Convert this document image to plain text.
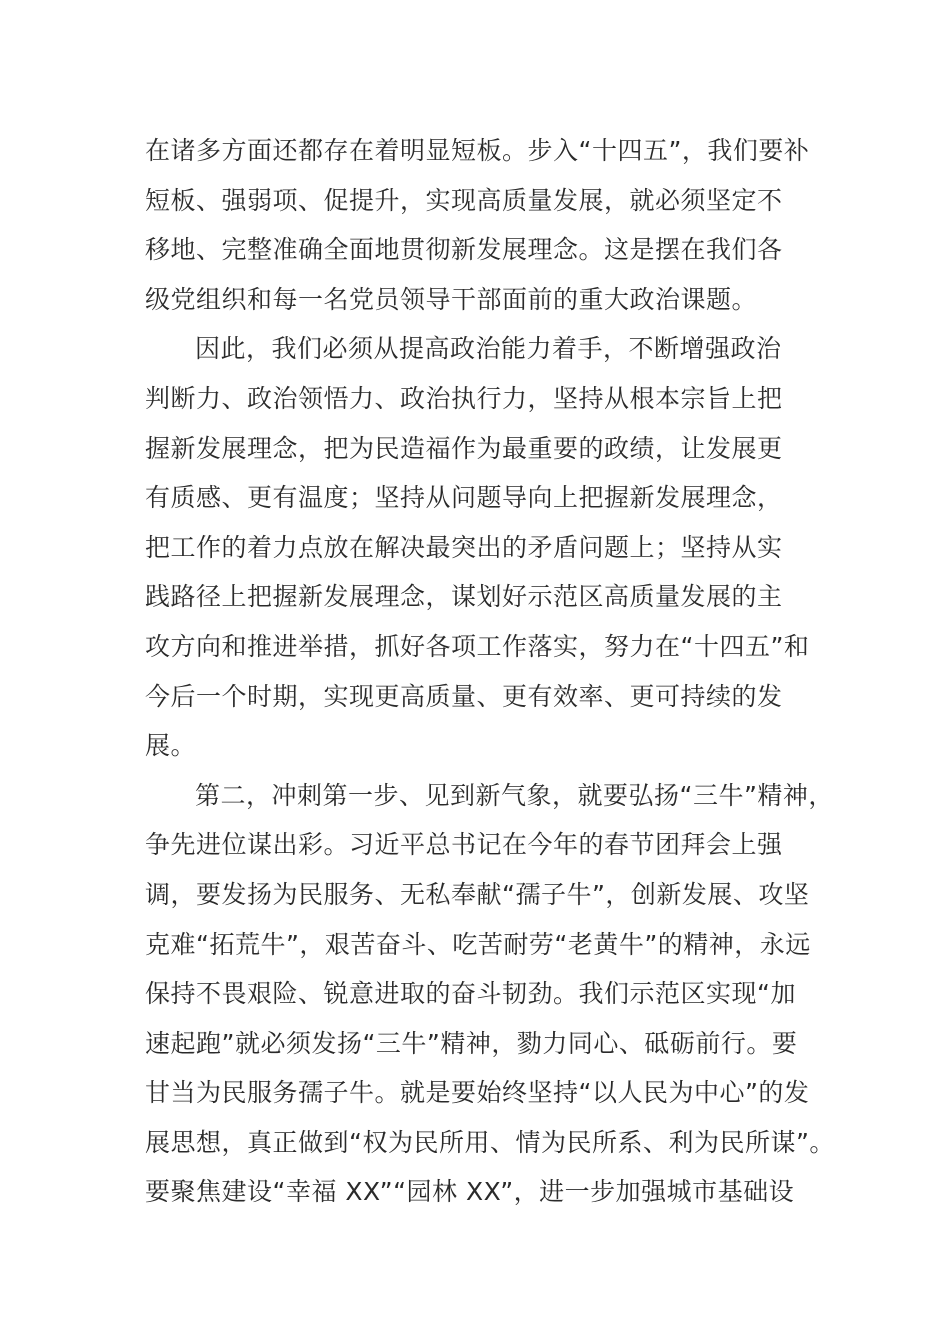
在诸多方面还都存在着明显短板。步入“十四五”，我们要补
短板、强弱项、促提升，实现高质量发展，就必须坚定不
移地、完整准确全面地贯彻新发展理念。这是摆在我们各
级党组织和每一名党员领导干部面前的重大政治课题。
因此，我们必须从提高政治能力着手，不断增强政治
判断力、政治领悟力、政治执行力，坚持从根本宗旨上把
握新发展理念，把为民造福作为最重要的政绩，让发展更
有质感、更有温度；坚持从问题导向上把握新发展理念，
把工作的着力点放在解决最突出的矛盾问题上；坚持从实
践路径上把握新发展理念，谋划好示范区高质量发展的主
攻方向和推进举措，抓好各项工作落实，努力在“十四五”和
今后一个时期，实现更高质量、更有效率、更可持续的发
展。
第二，冲刺第一步、见到新气象，就要弘扬“三牛”精神，
争先进位谋出彩。习近平总书记在今年的春节团拜会上强
调，要发扬为民服务、无私奉献“孺子牛”，创新发展、攻坚
克难“拓荒牛”，艰苦奋斗、吃苦耐劳“老黄牛”的精神，永远
保持不畏艰险、锐意进取的奋斗韧劲。我们示范区实现“加
速起跑”就必须发扬“三牛”精神，勠力同心、砥砺前行。要
甘当为民服务孺子牛。就是要始终坚持“以人民为中心”的发
展思想，真正做到“权为民所用、情为民所系、利为民所谋”。
要聚焦建设“幸福 XX”“园林 XX”，进一步加强城市基础设
